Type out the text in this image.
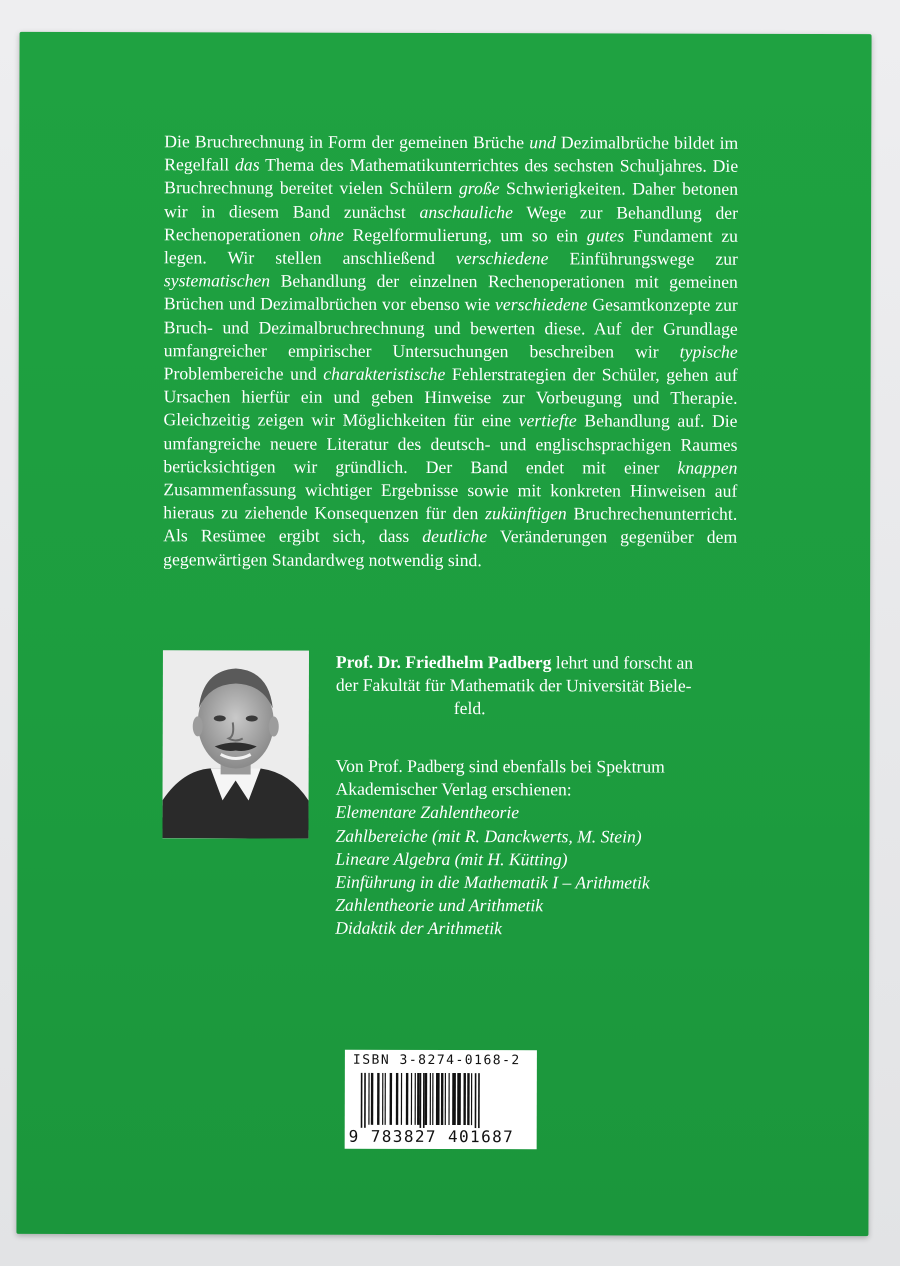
Die Bruchrechnung in Form der gemeinen Brüche und Dezimalbrüche bildet im Regelfall das Thema des Mathematikunterrichtes des sechsten Schuljahres. Die Bruchrechnung bereitet vielen Schülern große Schwierigkeiten. Daher betonen wir in diesem Band zunächst anschauliche Wege zur Behandlung der Rechenoperationen ohne Regelformulierung, um so ein gutes Fundament zu legen. Wir stellen anschließend verschiedene Einführungswege zur systematischen Behandlung der einzelnen Rechenoperationen mit gemeinen Brüchen und Dezimalbrüchen vor ebenso wie verschiedene Gesamtkonzepte zur Bruch- und Dezimalbruchrechnung und bewerten diese. Auf der Grundlage umfangreicher empirischer Untersuchungen beschreiben wir typische Problembereiche und charakteristische Fehlerstrategien der Schüler, gehen auf Ursachen hierfür ein und geben Hinweise zur Vorbeugung und Therapie. Gleichzeitig zeigen wir Möglichkeiten für eine vertiefte Behandlung auf. Die umfangreiche neuere Literatur des deutsch- und englischsprachigen Raumes berücksichtigen wir gründlich. Der Band endet mit einer knappen Zusammenfassung wichtiger Ergebnisse sowie mit konkreten Hinweisen auf hieraus zu ziehende Konsequenzen für den zukünftigen Bruchrechenunterricht. Als Resümee ergibt sich, dass deutliche Veränderungen gegenüber dem gegenwärtigen Standardweg notwendig sind.

Prof. Dr. Friedhelm Padberg lehrt und forscht an

der Fakultät für Mathematik der Universität Biele-

feld.

Von Prof. Padberg sind ebenfalls bei Spektrum Akademischer Verlag erschienen:

Elementare Zahlentheorie
Zahlbereiche (mit R. Danckwerts, M. Stein)
Lineare Algebra (mit H. Kütting)
Einführung in die Mathematik I – Arithmetik
Zahlentheorie und Arithmetik
Didaktik der Arithmetik
ISBN 3-8274-0168-2
9 783827 401687
